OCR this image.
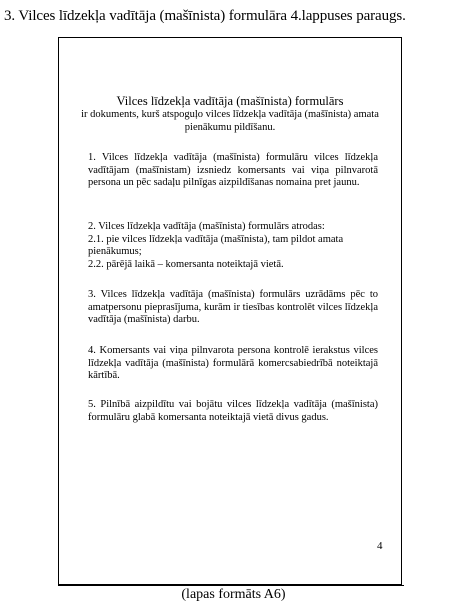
3. Vilces līdzekļa vadītāja (mašīnista) formulāra 4.lappuses paraugs.
Vilces līdzekļa vadītāja (mašīnista) formulārs
ir dokuments, kurš atspoguļo vilces līdzekļa vadītāja (mašīnista) amata pienākumu pildīšanu.

1. Vilces līdzekļa vadītāja (mašīnista) formulāru vilces līdzekļa vadītājam (mašīnistam) izsniedz komersants vai viņa pilnvarotā persona un pēc sadaļu pilnīgas aizpildīšanas nomaina pret jaunu.

2. Vilces līdzekļa vadītāja (mašīnista) formulārs atrodas:

2.1. pie vilces līdzekļa vadītāja (mašīnista), tam pildot amata pienākumus;

2.2. pārējā laikā – komersanta noteiktajā vietā.

3. Vilces līdzekļa vadītāja (mašīnista) formulārs uzrādāms pēc to amatpersonu pieprasījuma, kurām ir tiesības kontrolēt vilces līdzekļa vadītāja (mašīnista) darbu.

4. Komersants vai viņa pilnvarota persona kontrolē ierakstus vilces līdzekļa vadītāja (mašīnista) formulārā komercsabiedrībā noteiktajā kārtībā.

5. Pilnībā aizpildītu vai bojātu vilces līdzekļa vadītāja (mašīnista) formulāru glabā komersanta noteiktajā vietā divus gadus.

4
(lapas formāts A6)
